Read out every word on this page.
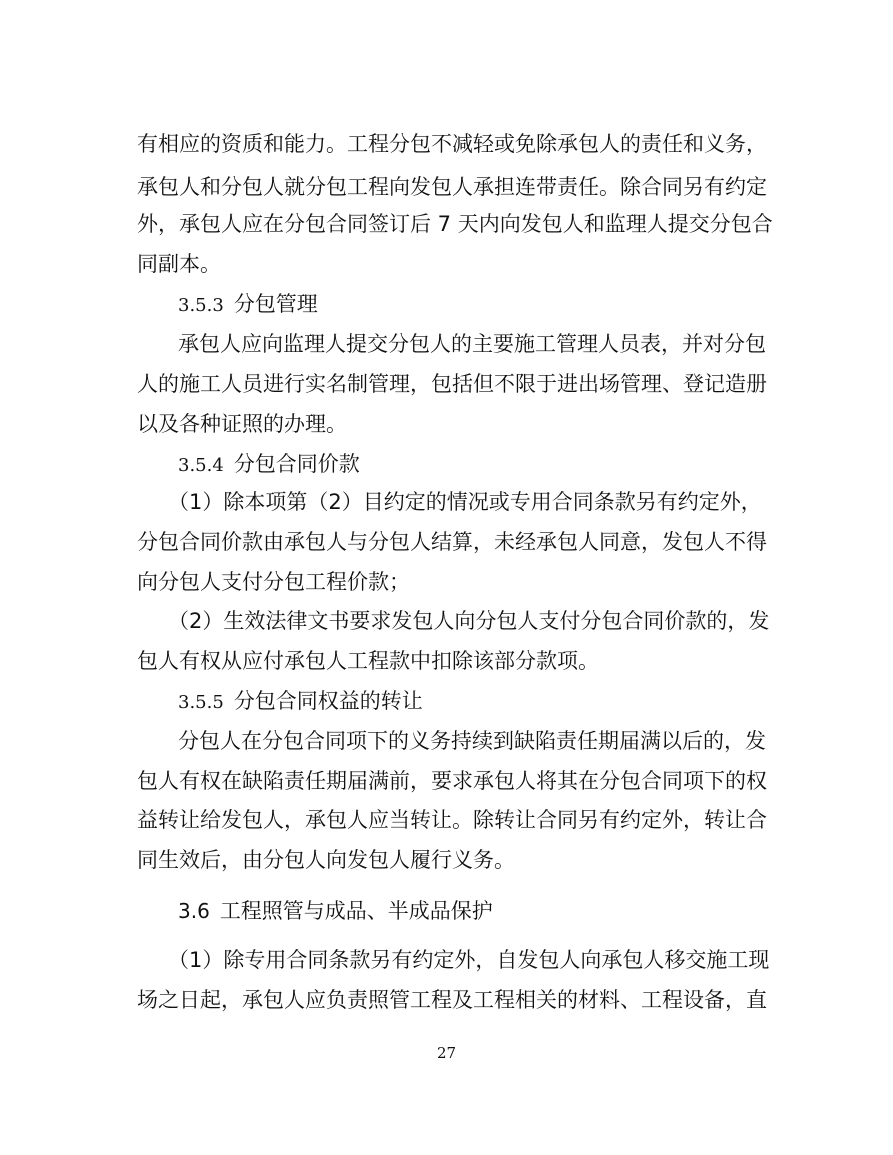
有相应的资质和能力。工程分包不减轻或免除承包人的责任和义务，
承包人和分包人就分包工程向发包人承担连带责任。除合同另有约定
外，承包人应在分包合同签订后 7 天内向发包人和监理人提交分包合
同副本。
3.5.3 分包管理
承包人应向监理人提交分包人的主要施工管理人员表，并对分包
人的施工人员进行实名制管理，包括但不限于进出场管理、登记造册
以及各种证照的办理。
3.5.4 分包合同价款
（1）除本项第（2）目约定的情况或专用合同条款另有约定外，
分包合同价款由承包人与分包人结算，未经承包人同意，发包人不得
向分包人支付分包工程价款；
（2）生效法律文书要求发包人向分包人支付分包合同价款的，发
包人有权从应付承包人工程款中扣除该部分款项。
3.5.5 分包合同权益的转让
分包人在分包合同项下的义务持续到缺陷责任期届满以后的，发
包人有权在缺陷责任期届满前，要求承包人将其在分包合同项下的权
益转让给发包人，承包人应当转让。除转让合同另有约定外，转让合
同生效后，由分包人向发包人履行义务。
3.6 工程照管与成品、半成品保护
（1）除专用合同条款另有约定外，自发包人向承包人移交施工现
场之日起，承包人应负责照管工程及工程相关的材料、工程设备，直
27
